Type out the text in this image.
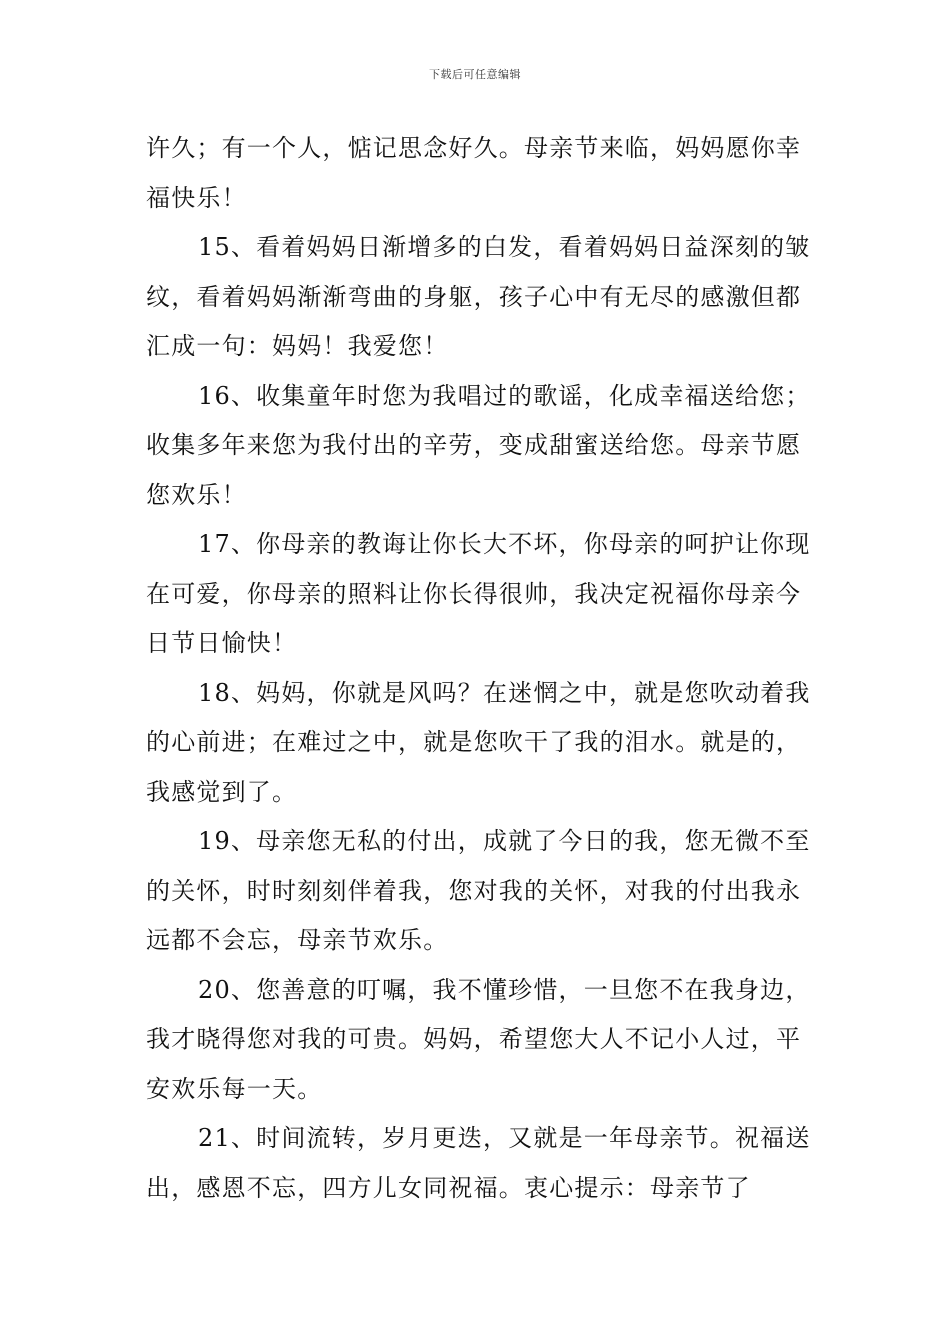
下载后可任意编辑

许久；有一个人，惦记思念好久。母亲节来临，妈妈愿你幸福快乐！

15、看着妈妈日渐增多的白发，看着妈妈日益深刻的皱纹，看着妈妈渐渐弯曲的身躯，孩子心中有无尽的感激但都汇成一句：妈妈！我爱您！

16、收集童年时您为我唱过的歌谣，化成幸福送给您；收集多年来您为我付出的辛劳，变成甜蜜送给您。母亲节愿您欢乐！

17、你母亲的教诲让你长大不坏，你母亲的呵护让你现在可爱，你母亲的照料让你长得很帅，我决定祝福你母亲今日节日愉快！

18、妈妈，你就是风吗？在迷惘之中，就是您吹动着我的心前进；在难过之中，就是您吹干了我的泪水。就是的，我感觉到了。

19、母亲您无私的付出，成就了今日的我，您无微不至的关怀，时时刻刻伴着我，您对我的关怀，对我的付出我永远都不会忘，母亲节欢乐。

20、您善意的叮嘱，我不懂珍惜，一旦您不在我身边，我才晓得您对我的可贵。妈妈，希望您大人不记小人过，平安欢乐每一天。

21、时间流转，岁月更迭，又就是一年母亲节。祝福送出，感恩不忘，四方儿女同祝福。衷心提示：母亲节了
